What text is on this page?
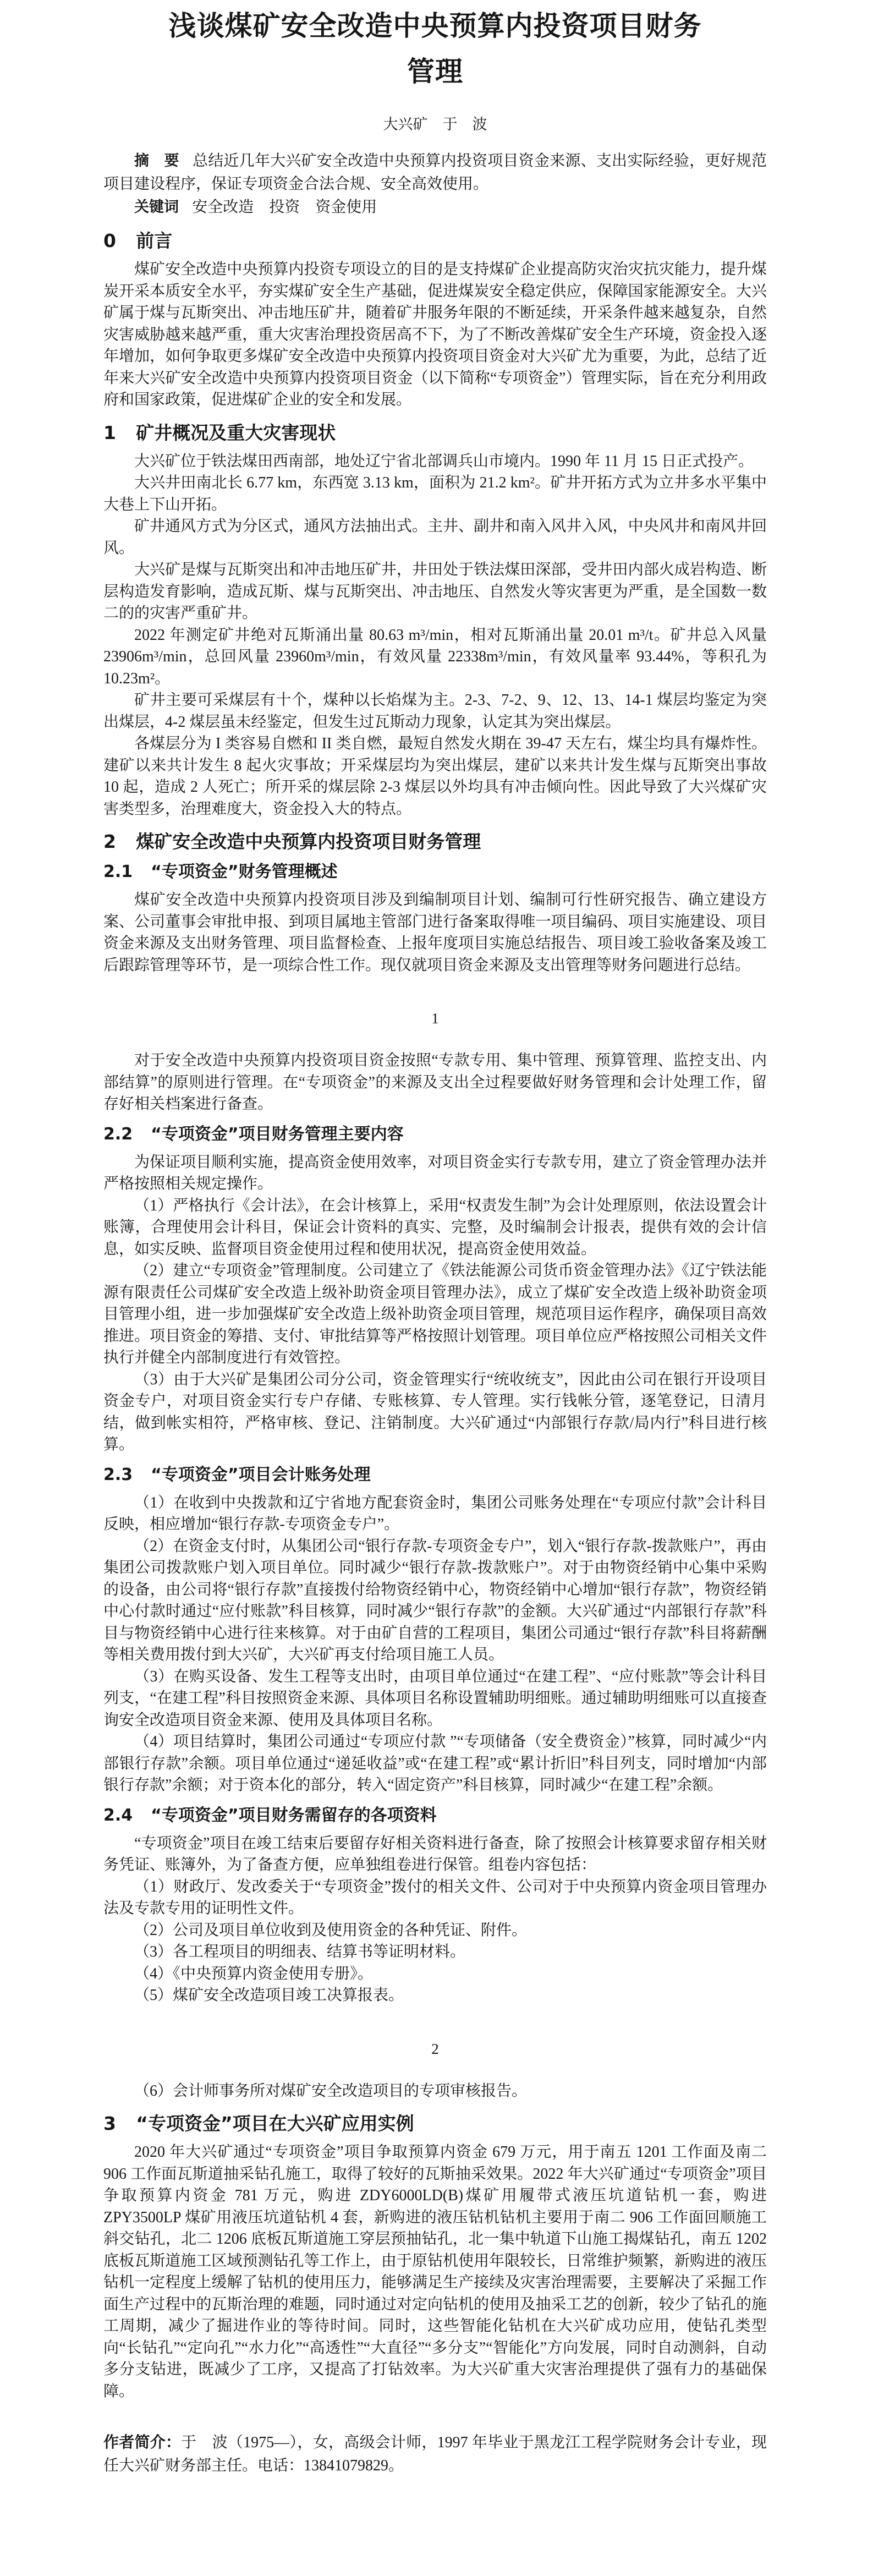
浅谈煤矿安全改造中央预算内投资项目财务管理
大兴矿　于　波

摘　要 总结近几年大兴矿安全改造中央预算内投资项目资金来源、支出实际经验，更好规范项目建设程序，保证专项资金合法合规、安全高效使用。

关键词 安全改造　投资　资金使用

0 前言

煤矿安全改造中央预算内投资专项设立的目的是支持煤矿企业提高防灾治灾抗灾能力，提升煤炭开采本质安全水平，夯实煤矿安全生产基础，促进煤炭安全稳定供应，保障国家能源安全。大兴矿属于煤与瓦斯突出、冲击地压矿井，随着矿井服务年限的不断延续，开采条件越来越复杂，自然灾害威胁越来越严重，重大灾害治理投资居高不下，为了不断改善煤矿安全生产环境，资金投入逐年增加，如何争取更多煤矿安全改造中央预算内投资项目资金对大兴矿尤为重要，为此，总结了近年来大兴矿安全改造中央预算内投资项目资金（以下简称“专项资金”）管理实际，旨在充分利用政府和国家政策，促进煤矿企业的安全和发展。

1 矿井概况及重大灾害现状

大兴矿位于铁法煤田西南部，地处辽宁省北部调兵山市境内。1990 年 11 月 15 日正式投产。

大兴井田南北长 6.77 km，东西宽 3.13 km，面积为 21.2 km²。矿井开拓方式为立井多水平集中大巷上下山开拓。

矿井通风方式为分区式，通风方法抽出式。主井、副井和南入风井入风，中央风井和南风井回风。

大兴矿是煤与瓦斯突出和冲击地压矿井，井田处于铁法煤田深部，受井田内部火成岩构造、断层构造发育影响，造成瓦斯、煤与瓦斯突出、冲击地压、自然发火等灾害更为严重，是全国数一数二的的灾害严重矿井。

2022 年测定矿井绝对瓦斯涌出量 80.63 m³/min，相对瓦斯涌出量 20.01 m³/t。矿井总入风量 23906m³/min，总回风量 23960m³/min，有效风量 22338m³/min，有效风量率 93.44%，等积孔为 10.23m²。

矿井主要可采煤层有十个，煤种以长焰煤为主。2-3、7-2、9、12、13、14-1 煤层均鉴定为突出煤层，4-2 煤层虽未经鉴定，但发生过瓦斯动力现象，认定其为突出煤层。

各煤层分为 I 类容易自燃和 II 类自燃，最短自然发火期在 39-47 天左右，煤尘均具有爆炸性。建矿以来共计发生 8 起火灾事故；开采煤层均为突出煤层，建矿以来共计发生煤与瓦斯突出事故 10 起，造成 2 人死亡；所开采的煤层除 2-3 煤层以外均具有冲击倾向性。因此导致了大兴煤矿灾害类型多，治理难度大，资金投入大的特点。

2 煤矿安全改造中央预算内投资项目财务管理
2.1 “专项资金”财务管理概述

煤矿安全改造中央预算内投资项目涉及到编制项目计划、编制可行性研究报告、确立建设方案、公司董事会审批申报、到项目属地主管部门进行备案取得唯一项目编码、项目实施建设、项目资金来源及支出财务管理、项目监督检查、上报年度项目实施总结报告、项目竣工验收备案及竣工后跟踪管理等环节，是一项综合性工作。现仅就项目资金来源及支出管理等财务问题进行总结。

1

对于安全改造中央预算内投资项目资金按照“专款专用、集中管理、预算管理、监控支出、内部结算”的原则进行管理。在“专项资金”的来源及支出全过程要做好财务管理和会计处理工作，留存好相关档案进行备查。

2.2 “专项资金”项目财务管理主要内容

为保证项目顺利实施，提高资金使用效率，对项目资金实行专款专用，建立了资金管理办法并严格按照相关规定操作。

（1）严格执行《会计法》，在会计核算上，采用“权责发生制”为会计处理原则，依法设置会计账簿，合理使用会计科目，保证会计资料的真实、完整，及时编制会计报表，提供有效的会计信息，如实反映、监督项目资金使用过程和使用状况，提高资金使用效益。

（2）建立“专项资金”管理制度。公司建立了《铁法能源公司货币资金管理办法》《辽宁铁法能源有限责任公司煤矿安全改造上级补助资金项目管理办法》，成立了煤矿安全改造上级补助资金项目管理小组，进一步加强煤矿安全改造上级补助资金项目管理，规范项目运作程序，确保项目高效推进。项目资金的筹措、支付、审批结算等严格按照计划管理。项目单位应严格按照公司相关文件执行并健全内部制度进行有效管控。

（3）由于大兴矿是集团公司分公司，资金管理实行“统收统支”，因此由公司在银行开设项目资金专户，对项目资金实行专户存储、专账核算、专人管理。实行钱帐分管，逐笔登记，日清月结，做到帐实相符，严格审核、登记、注销制度。大兴矿通过“内部银行存款/局内行”科目进行核算。

2.3 “专项资金”项目会计账务处理

（1）在收到中央拨款和辽宁省地方配套资金时，集团公司账务处理在“专项应付款”会计科目反映，相应增加“银行存款-专项资金专户”。

（2）在资金支付时，从集团公司“银行存款-专项资金专户”，划入“银行存款-拨款账户”，再由集团公司拨款账户划入项目单位。同时减少“银行存款-拨款账户”。对于由物资经销中心集中采购的设备，由公司将“银行存款”直接拨付给物资经销中心，物资经销中心增加“银行存款”，物资经销中心付款时通过“应付账款”科目核算，同时减少“银行存款”的金额。大兴矿通过“内部银行存款”科目与物资经销中心进行往来核算。对于由矿自营的工程项目，集团公司通过“银行存款”科目将薪酬等相关费用拨付到大兴矿，大兴矿再支付给项目施工人员。

（3）在购买设备、发生工程等支出时，由项目单位通过“在建工程”、“应付账款”等会计科目列支，“在建工程”科目按照资金来源、具体项目名称设置辅助明细账。通过辅助明细账可以直接查询安全改造项目资金来源、使用及具体项目名称。

（4）项目结算时，集团公司通过“专项应付款 ”“专项储备（安全费资金）”核算，同时减少“内部银行存款”余额。项目单位通过“递延收益”或“在建工程”或“累计折旧”科目列支，同时增加“内部银行存款”余额；对于资本化的部分，转入“固定资产”科目核算，同时减少“在建工程”余额。

2.4 “专项资金”项目财务需留存的各项资料

“专项资金”项目在竣工结束后要留存好相关资料进行备查，除了按照会计核算要求留存相关财务凭证、账簿外，为了备查方便，应单独组卷进行保管。组卷内容包括：

（1）财政厅、发改委关于“专项资金”拨付的相关文件、公司对于中央预算内资金项目管理办法及专款专用的证明性文件。

（2）公司及项目单位收到及使用资金的各种凭证、附件。

（3）各工程项目的明细表、结算书等证明材料。

（4）《中央预算内资金使用专册》。

（5）煤矿安全改造项目竣工决算报表。

2

（6）会计师事务所对煤矿安全改造项目的专项审核报告。

3 “专项资金”项目在大兴矿应用实例

2020 年大兴矿通过“专项资金”项目争取预算内资金 679 万元，用于南五 1201 工作面及南二 906 工作面瓦斯道抽采钻孔施工，取得了较好的瓦斯抽采效果。2022 年大兴矿通过“专项资金”项目争取预算内资金 781 万元，购进 ZDY6000LD(B)煤矿用履带式液压坑道钻机一套，购进 ZPY3500LP 煤矿用液压坑道钻机 4 套，新购进的液压钻机钻机主要用于南二 906 工作面回顺施工斜交钻孔，北二 1206 底板瓦斯道施工穿层预抽钻孔，北一集中轨道下山施工揭煤钻孔，南五 1202 底板瓦斯道施工区域预测钻孔等工作上，由于原钻机使用年限较长，日常维护频繁，新购进的液压钻机一定程度上缓解了钻机的使用压力，能够满足生产接续及灾害治理需要，主要解决了采掘工作面生产过程中的瓦斯治理的难题，同时通过对定向钻机的使用及抽采工艺的创新，较少了钻孔的施工周期，减少了掘进作业的等待时间。同时，这些智能化钻机在大兴矿成功应用，使钻孔类型向“长钻孔”“定向孔”“水力化”“高透性”“大直径”“多分支”“智能化”方向发展，同时自动测斜，自动多分支钻进，既减少了工序，又提高了打钻效率。为大兴矿重大灾害治理提供了强有力的基础保障。

作者简介：于　波（1975—），女，高级会计师，1997 年毕业于黑龙江工程学院财务会计专业，现任大兴矿财务部主任。电话：13841079829。
